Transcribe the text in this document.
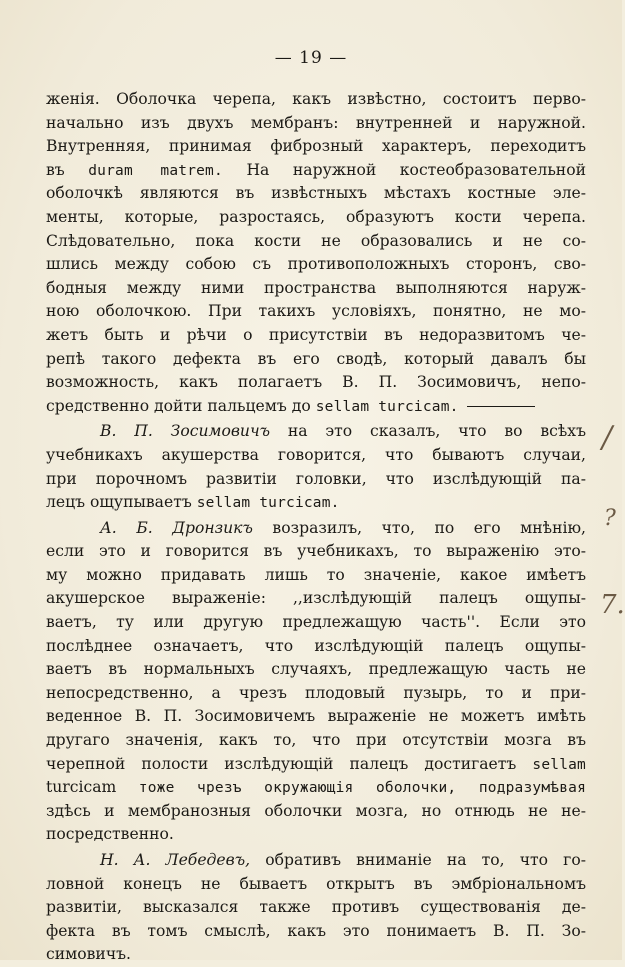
— 19 —
женія. Оболочка черепа, какъ извѣстно, состоитъ перво-
начально изъ двухъ мембранъ: внутренней и наружной.
Внутренняя, принимая фиброзный характеръ, переходитъ
въ duram matrem. На наружной костеобразовательной
оболочкѣ являются въ извѣстныхъ мѣстахъ костные эле-
менты, которые, разростаясь, образуютъ кости черепа.
Слѣдовательно, пока кости не образовались и не со-
шлись между собою съ противоположныхъ сторонъ, сво-
бодныя между ними пространства выполняются наруж-
ною оболочкою. При такихъ условіяхъ, понятно, не мо-
жетъ быть и рѣчи о присутствіи въ недоразвитомъ че-
репѣ такого дефекта въ его сводѣ, который давалъ бы
возможность, какъ полагаетъ В. П. Зосимовичъ, непо-
средственно дойти пальцемъ до sellam turcicam.
В. П. Зосимовичъ на это сказалъ, что во всѣхъ
учебникахъ акушерства говорится, что бываютъ случаи,
при порочномъ развитіи головки, что изслѣдующій па-
лецъ ощупываетъ sellam turcicam.
А. Б. Дронзикъ возразилъ, что, по его мнѣнію,
если это и говорится въ учебникахъ, то выраженію это-
му можно придавать лишь то значеніе, какое имѣетъ
акушерское выраженіе: ,,изслѣдующій палецъ ощупы-
ваетъ, ту или другую предлежащую часть''. Если это
послѣднее означаетъ, что изслѣдующій палецъ ощупы-
ваетъ въ нормальныхъ случаяхъ, предлежащую часть не
непосредственно, а чрезъ плодовый пузырь, то и при-
веденное В. П. Зосимовичемъ выраженіе не можетъ имѣть
другаго значенія, какъ то, что при отсутствіи мозга въ
черепной полости изслѣдующій палецъ достигаетъ sellam
turcicam тоже чрезъ окружающія оболочки, подразумѣвая
здѣсь и мембранозныя оболочки мозга, но отнюдь не не-
посредственно.
Н. А. Лебедевъ, обративъ вниманіе на то, что го-
ловной конецъ не бываетъ открытъ въ эмбріональномъ
развитіи, высказался также противъ существованія де-
фекта въ томъ смыслѣ, какъ это понимаетъ В. П. Зо-
симовичъ.
/
?
7.
